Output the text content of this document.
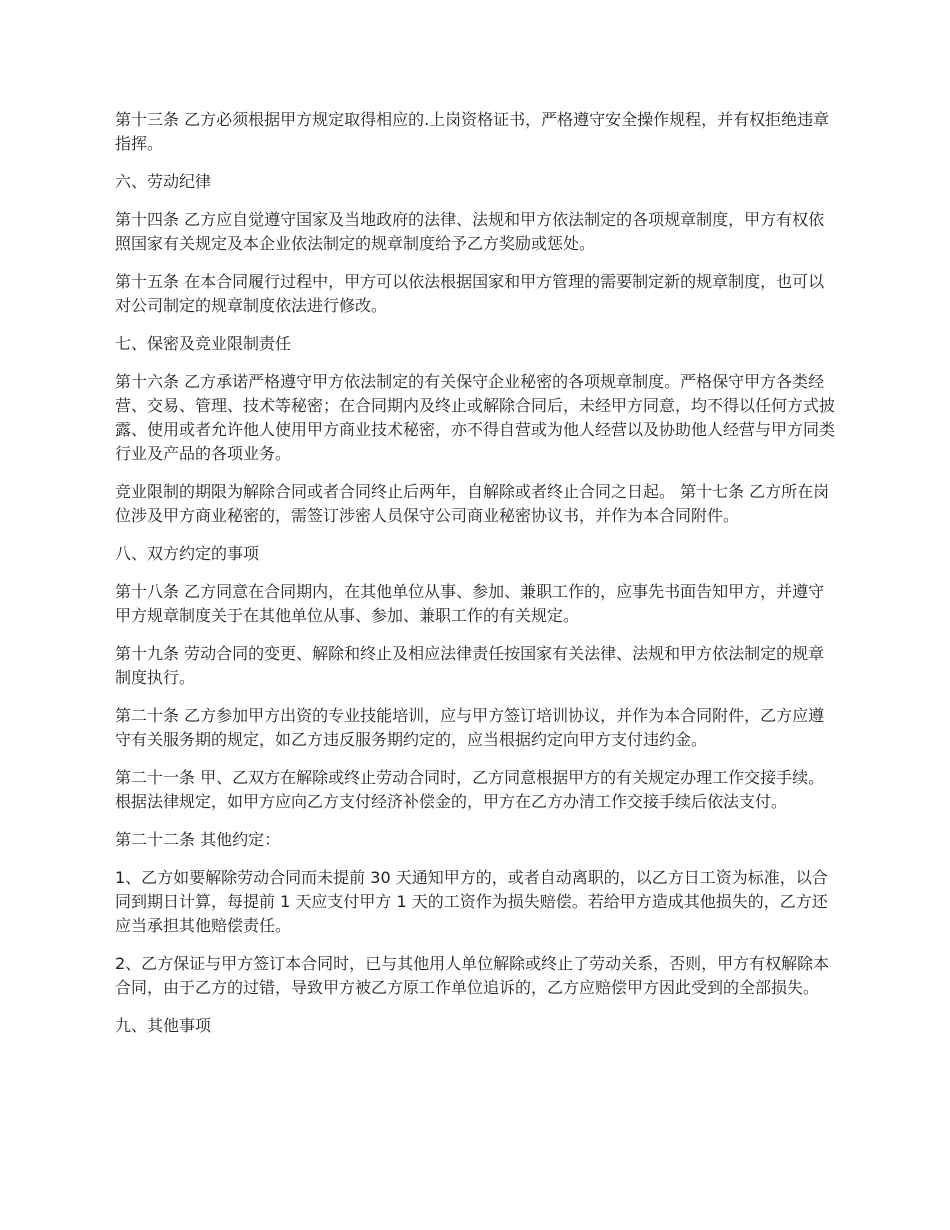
第十三条 乙方必须根据甲方规定取得相应的.上岗资格证书，严格遵守安全操作规程，并有权拒绝违章指挥。

六、劳动纪律

第十四条 乙方应自觉遵守国家及当地政府的法律、法规和甲方依法制定的各项规章制度，甲方有权依照国家有关规定及本企业依法制定的规章制度给予乙方奖励或惩处。

第十五条 在本合同履行过程中，甲方可以依法根据国家和甲方管理的需要制定新的规章制度，也可以对公司制定的规章制度依法进行修改。

七、保密及竞业限制责任

第十六条 乙方承诺严格遵守甲方依法制定的有关保守企业秘密的各项规章制度。严格保守甲方各类经营、交易、管理、技术等秘密；在合同期内及终止或解除合同后，未经甲方同意，均不得以任何方式披露、使用或者允许他人使用甲方商业技术秘密，亦不得自营或为他人经营以及协助他人经营与甲方同类行业及产品的各项业务。

竞业限制的期限为解除合同或者合同终止后两年，自解除或者终止合同之日起。 第十七条 乙方所在岗位涉及甲方商业秘密的，需签订涉密人员保守公司商业秘密协议书，并作为本合同附件。

八、双方约定的事项

第十八条 乙方同意在合同期内，在其他单位从事、参加、兼职工作的，应事先书面告知甲方，并遵守甲方规章制度关于在其他单位从事、参加、兼职工作的有关规定。

第十九条 劳动合同的变更、解除和终止及相应法律责任按国家有关法律、法规和甲方依法制定的规章制度执行。

第二十条 乙方参加甲方出资的专业技能培训，应与甲方签订培训协议，并作为本合同附件，乙方应遵守有关服务期的规定，如乙方违反服务期约定的，应当根据约定向甲方支付违约金。

第二十一条 甲、乙双方在解除或终止劳动合同时，乙方同意根据甲方的有关规定办理工作交接手续。根据法律规定，如甲方应向乙方支付经济补偿金的，甲方在乙方办清工作交接手续后依法支付。

第二十二条 其他约定：

1、乙方如要解除劳动合同而未提前 30 天通知甲方的，或者自动离职的，以乙方日工资为标准，以合同到期日计算，每提前 1 天应支付甲方 1 天的工资作为损失赔偿。若给甲方造成其他损失的，乙方还应当承担其他赔偿责任。

2、乙方保证与甲方签订本合同时，已与其他用人单位解除或终止了劳动关系，否则，甲方有权解除本合同，由于乙方的过错，导致甲方被乙方原工作单位追诉的，乙方应赔偿甲方因此受到的全部损失。

九、其他事项
